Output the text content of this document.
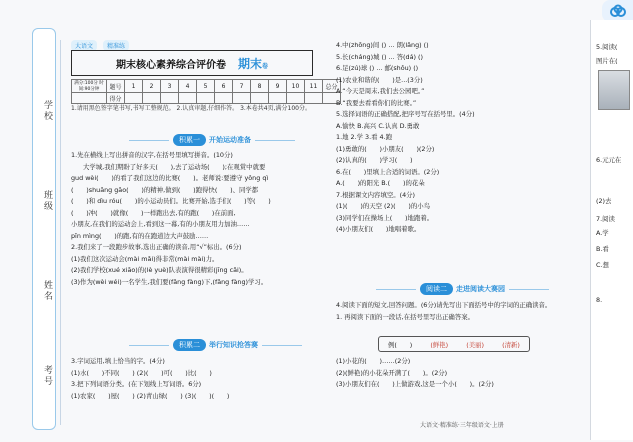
学校
班级
姓名
考号
大语文 精准练
期末核心素养综合评价卷 期末卷
满分:100分 时间:90分钟	题号	1	2	3	4	5	6	7	8	9	10	11	总分
	得分												
1.请用黑色签字笔书写,书写工整规范。 2.认真审题,仔细作答。 3.本卷共4页,满分100分。
积累一	开始运动准备
1.先在横线上写出拼音的汉字,在括号里填写拼音。(10分)
大学城,我们期盼了好多天(　　),去了运动场(　　);在观赏中就要
gud wèi(　　)的看了我们这边的比赛(　　)。老师说:要遵守 yǒng qì
(　　)shuāng gāo(　　)的精神,做到(　　)跑得快(　　)、同学都
(　　)和 dìu róu(　　)的小运动员们。比赛开始,选手们(　　)等(　　)
(　　)冲(　　)就像(　　)一样跑出去,有的跑(　　)在前面,
小朋友,在我们的运动会上,看到这一幕,有的小朋友用力加油……
pīn mìng(　　)的跑,有的在跑道边大声鼓励……
2.我们来了一段跑步故事,选出正确的读音,用“√”标出。(6分)
(1)我们这次运动会(mài mǎi)得非常(mài mài)力。
(2)我们学校(xué xiāo)的(lè yuè)队表演得很精彩(jīng cǎi)。
(3)作为(wèi wéi)一名学生,我们要(fǎng fàng)下,(fǎng fàng)学习。
积累二	举行知识抢答赛
3.字词运用,填上恰当的字。(4分)
(1)水(　　)不同(　　) (2)(　　)可(　　)比(　　)
3.把下列词语分类。(在下划线上写词语。6分)
(1)农家(　　)屋(　　) (2)青山绿(　　) (3)(　　)(　　)
4.中(zhōng)间 () ... 朗(lǎng) ()
5.长(cháng)城 () ... 答(dá) ()
6.足(zú)球 () ... 邮(shǒu) ()
(1)农业和谐的(　　)是...(3分)
A.“今天是周末,我们去公园吧。”
B.“我要去看看你们的比赛。”
5.选择词语的正确搭配,把序号写在括号里。(4分)
A.愉快 B.高兴 C.认真 D.勇敢
1.地 2.学 3.看 4.跑
(1)勇敢的(　　)小朋友(　　)(2分)
(2)认真的(　　)学习(　　)
6.在(　　)里填上合适的词语。(2分)
A.(　　)的阳光 B.(　　)的花朵
7.根据课文内容填空。(4分)
(1)(　　)的天空 (2)(　　)的小鸟
(3)同学们在操场上(　　)地跑着。
(4)小朋友们(　　)地唱着歌。
阅读二	走进阅读大赛园
4.阅读下面的短文,回答问题。(6分)请先写出下面括号中的字词的正确读音。
1. 再阅读下面的一段话,在括号里写出正确答案。
例(　　)	(鲜艳)	(美丽)	(清新)
(1)小花的(　　)……(2分)
(2)(鲜艳)的小花朵开满了(　　)。(2分)
(3)小朋友们在(　　)上做游戏,这是一个小(　　)。(2分)
大语文·精准练·三年级语文·上册
5.阅读(
图片在(
6.元元在
(2)去
7.阅读
A.学
B.看
C.想
8.
